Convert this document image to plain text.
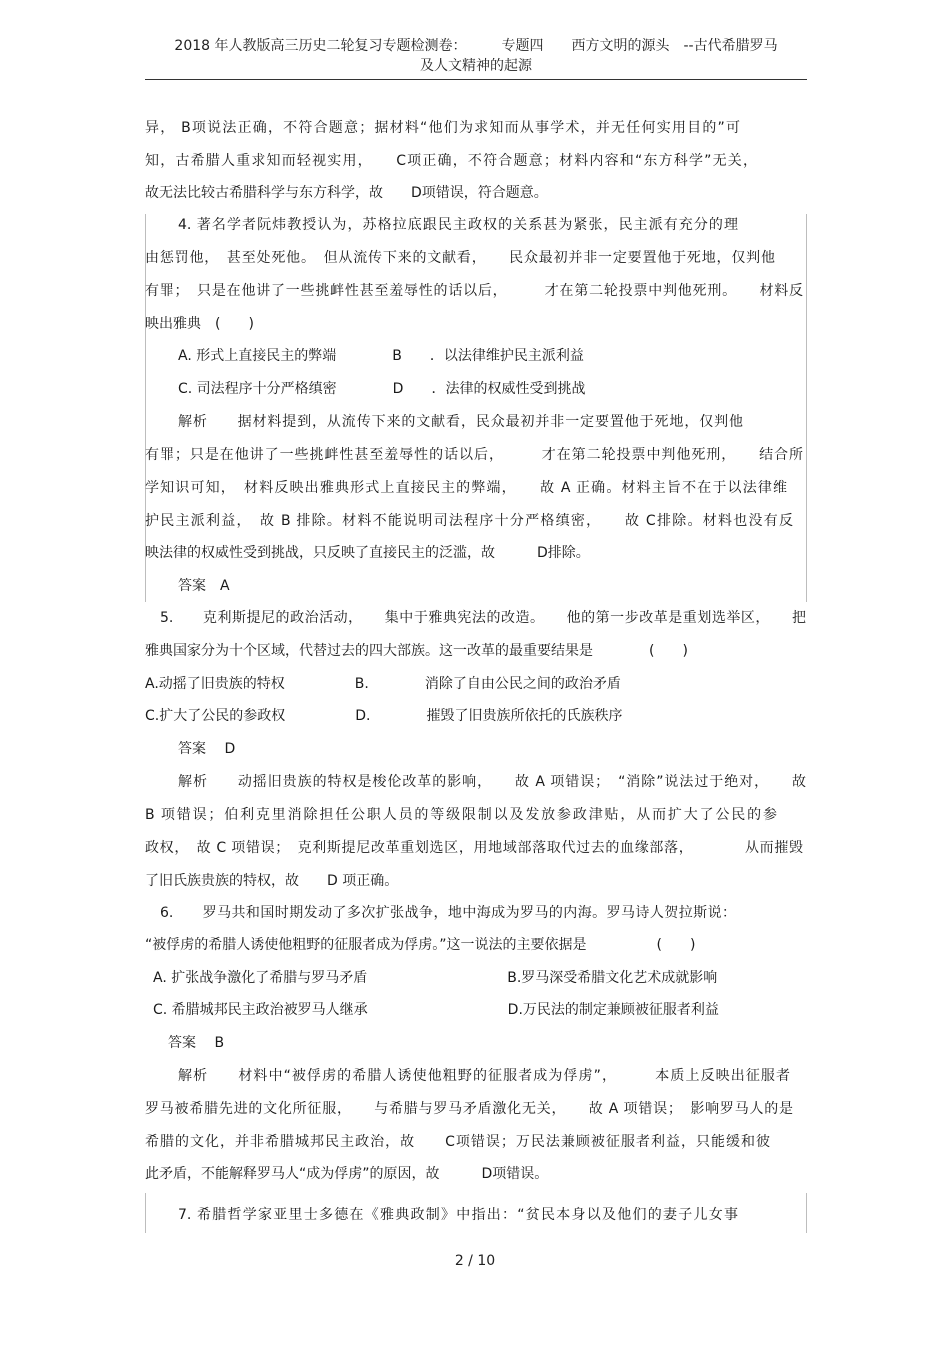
2018 年人教版高三历史二轮复习专题检测卷：　　　专题四　　西方文明的源头　--古代希腊罗马
及人文精神的起源
异， B项说法正确，不符合题意；据材料“他们为求知而从事学术，并无任何实用目的”可
知，古希腊人重求知而轻视实用，　　C项正确，不符合题意；材料内容和“东方科学”无关，
故无法比较古希腊科学与东方科学，故　　D项错误，符合题意。
4. 著名学者阮炜教授认为，苏格拉底跟民主政权的关系甚为紧张，民主派有充分的理
由惩罚他，　甚至处死他。　但从流传下来的文献看，　　民众最初并非一定要置他于死地，仅判他
有罪；　只是在他讲了一些挑衅性甚至羞辱性的话以后，　　　才在第二轮投票中判他死刑。　　材料反
映出雅典　(　　)
A. 形式上直接民主的弊端　　　　B　　．以法律维护民主派利益
C. 司法程序十分严格缜密　　　　D　　．法律的权威性受到挑战
解析　　据材料提到，从流传下来的文献看，民众最初并非一定要置他于死地，仅判他
有罪；只是在他讲了一些挑衅性甚至羞辱性的话以后，　　　才在第二轮投票中判他死刑，　　结合所
学知识可知，　材料反映出雅典形式上直接民主的弊端，　　故 A 正确。材料主旨不在于以法律维
护民主派利益，　故 B 排除。材料不能说明司法程序十分严格缜密，　　故 C排除。材料也没有反
映法律的权威性受到挑战，只反映了直接民主的泛滥，故　　　D排除。
答案　A
5.　　克利斯提尼的政治活动，　　集中于雅典宪法的改造。　　他的第一步改革是重划选举区，　　把
雅典国家分为十个区域，代替过去的四大部族。这一改革的最重要结果是　　　　(　　)
A.动摇了旧贵族的特权　　　　　B.　　　　消除了自由公民之间的政治矛盾
C.扩大了公民的参政权　　　　　D.　　　　摧毁了旧贵族所依托的氏族秩序
答案　 D
解析　　动摇旧贵族的特权是梭伦改革的影响，　　故 A 项错误；　“消除”说法过于绝对，　　故
B 项错误；伯利克里消除担任公职人员的等级限制以及发放参政津贴，从而扩大了公民的参
政权，　故 C 项错误；　克利斯提尼改革重划选区，用地域部落取代过去的血缘部落，　　　　从而摧毁
了旧氏族贵族的特权，故　　D 项正确。
6.　　罗马共和国时期发动了多次扩张战争，地中海成为罗马的内海。罗马诗人贺拉斯说：
“被俘虏的希腊人诱使他粗野的征服者成为俘虏。”这一说法的主要依据是　　　　　(　　)
A. 扩张战争激化了希腊与罗马矛盾　　　　　　　　　　B.罗马深受希腊文化艺术成就影响
C. 希腊城邦民主政治被罗马人继承　　　　　　　　　　D.万民法的制定兼顾被征服者利益
答案　 B
解析　　材料中“被俘虏的希腊人诱使他粗野的征服者成为俘虏”，　　　本质上反映出征服者
罗马被希腊先进的文化所征服，　　与希腊与罗马矛盾激化无关，　　故 A 项错误；　影响罗马人的是
希腊的文化，并非希腊城邦民主政治，故　　C项错误；万民法兼顾被征服者利益，只能缓和彼
此矛盾，不能解释罗马人“成为俘虏”的原因，故　　　D项错误。
7. 希腊哲学家亚里士多德在《雅典政制》中指出：“贫民本身以及他们的妻子儿女事
2 / 10
